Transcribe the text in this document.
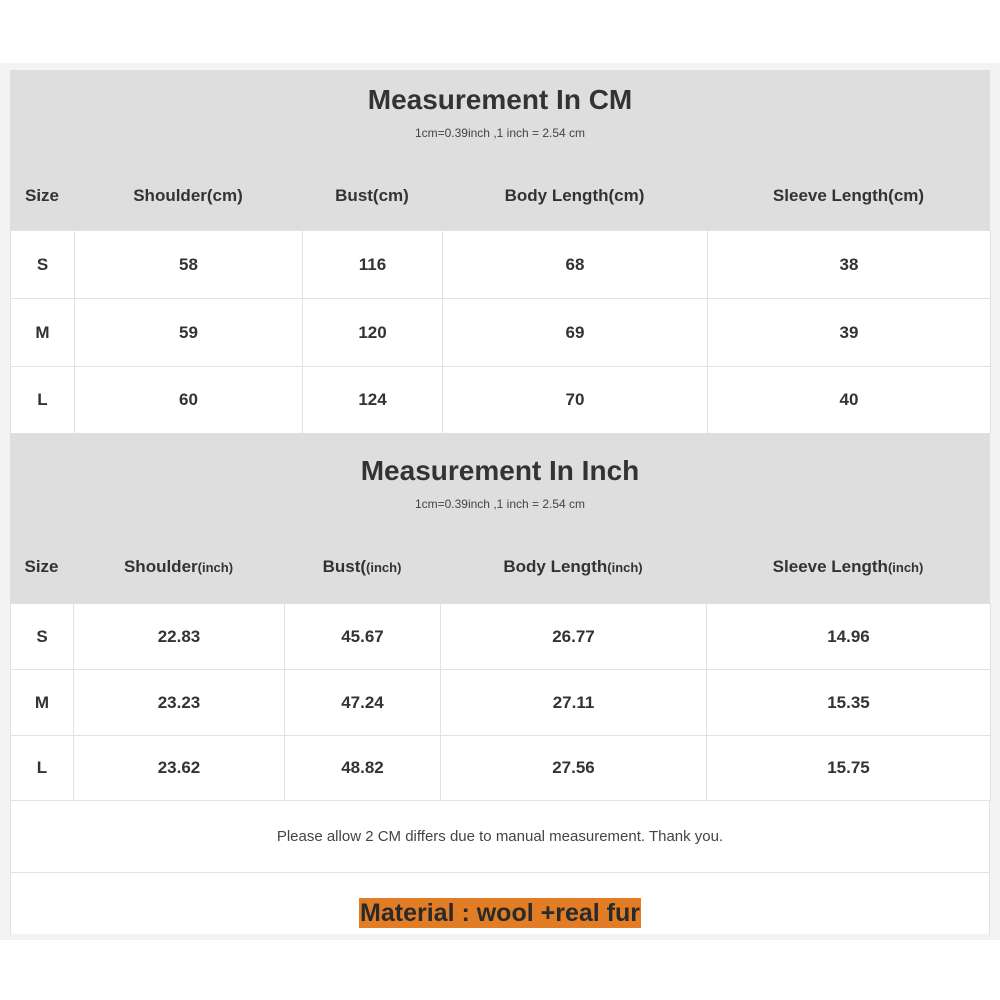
Measurement In CM
1cm=0.39inch ,1 inch = 2.54 cm
Size	Shoulder(cm)	Bust(cm)	Body Length(cm)	Sleeve Length(cm)
S	58	116	68	38
M	59	120	69	39
L	60	124	70	40
Measurement In Inch
1cm=0.39inch ,1 inch = 2.54 cm
Size	Shoulder(inch)	Bust((inch)	Body Length(inch)	Sleeve Length(inch)
S	22.83	45.67	26.77	14.96
M	23.23	47.24	27.11	15.35
L	23.62	48.82	27.56	15.75
Please allow 2 CM differs due to manual measurement. Thank you.
Material : wool +real fur
